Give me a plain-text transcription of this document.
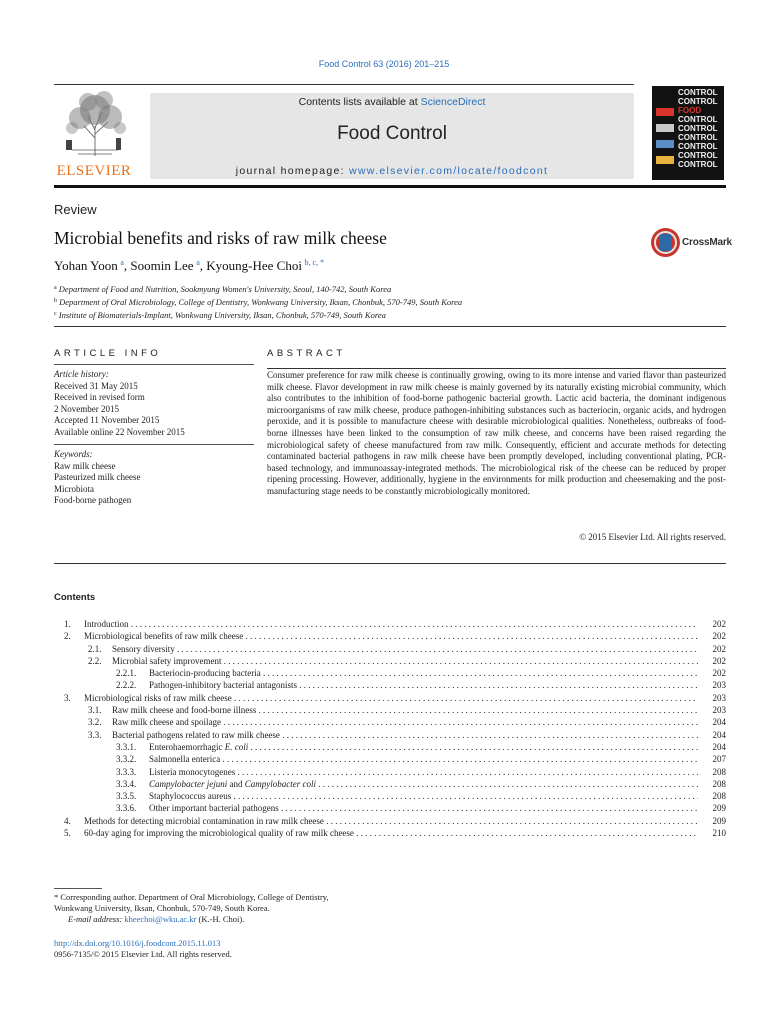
Food Control 63 (2016) 201–215
ELSEVIER
Contents lists available at ScienceDirect
Food Control
journal homepage: www.elsevier.com/locate/foodcont
CONTROL
CONTROL
FOOD
CONTROL
CONTROL
CONTROL
CONTROL
CONTROL
CONTROL
Review
Microbial benefits and risks of raw milk cheese	CrossMark
Yohan Yoon  $^a$, Soomin Lee  $^a$, Kyoung-Hee Choi  $^{b, c, *}$
$^a$ Department of Food and Nutrition, Sookmyung Women's University, Seoul, 140-742, South Korea
$^b$ Department of Oral Microbiology, College of Dentistry, Wonkwang University, Iksan, Chonbuk, 570-749, South Korea
$^c$ Institute of Biomaterials-Implant, Wonkwang University, Iksan, Chonbuk, 570-749, South Korea
ARTICLE INFO	ABSTRACT
Article history:
Received 31 May 2015
Received in revised form
2 November 2015
Accepted 11 November 2015
Available online 22 November 2015
Keywords:
Raw milk cheese
Pasteurized milk cheese
Microbiota
Food-borne pathogen
Consumer preference for raw milk cheese is continually growing, owing to its more intense and varied flavor than pasteurized milk cheese. Flavor development in raw milk cheese is mainly governed by its naturally existing microbial community, which also contributes to the inhibition of food-borne pathogenic bacterial growth. Lactic acid bacteria, the dominant indigenous microorganisms of raw milk cheese, produce pathogen-inhibiting substances such as bacteriocin, organic acids, and hydrogen peroxide, and it is possible to manufacture cheese with desirable microbiological qualities. Nonetheless, outbreaks of food-borne illnesses have been linked to the consumption of raw milk cheese, and concerns have been raised regarding the microbiological safety of cheese manufactured from raw milk. Consequently, efficient and accurate methods for detecting contaminated bacterial pathogens in raw milk cheese have been promptly developed, including conventional plating, PCR-based technology, and immunoassay-integrated methods. The microbiological risk of the cheese can be reduced by proper ripening processing. However, additionally, hygiene in the environments for milk production and cheesemaking and the post-manufacturing stage needs to be constantly microbiologically monitored.
© 2015 Elsevier Ltd. All rights reserved.
Contents
1. Introduction . . .	202
2. Microbiological benefits of raw milk cheese . . .	202
2.1. Sensory diversity . . .	202
2.2. Microbial safety improvement . . .	202
2.2.1. Bacteriocin-producing bacteria . . .	202
2.2.2. Pathogen-inhibitory bacterial antagonists . . .	203
3. Microbiological risks of raw milk cheese . . .	203
3.1. Raw milk cheese and food-borne illness . . .	203
3.2. Raw milk cheese and spoilage . . .	204
3.3. Bacterial pathogens related to raw milk cheese . . .	204
3.3.1. Enterohaemorrhagic E. coli . . .	204
3.3.2. Salmonella enterica . . .	207
3.3.3. Listeria monocytogenes . . .	208
3.3.4. Campylobacter jejuni and Campylobacter coli . . .	208
3.3.5. Staphylococcus aureus . . .	208
3.3.6. Other important bacterial pathogens . . .	209
4. Methods for detecting microbial contamination in raw milk cheese . . .	209
5. 60-day aging for improving the microbiological quality of raw milk cheese . . .	210
* Corresponding author. Department of Oral Microbiology, College of Dentistry,
Wonkwang University, Iksan, Chonbuk, 570-749, South Korea.
E-mail address: kheechoi@wku.ac.kr (K.-H. Choi).
http://dx.doi.org/10.1016/j.foodcont.2015.11.013
0956-7135/© 2015 Elsevier Ltd. All rights reserved.
